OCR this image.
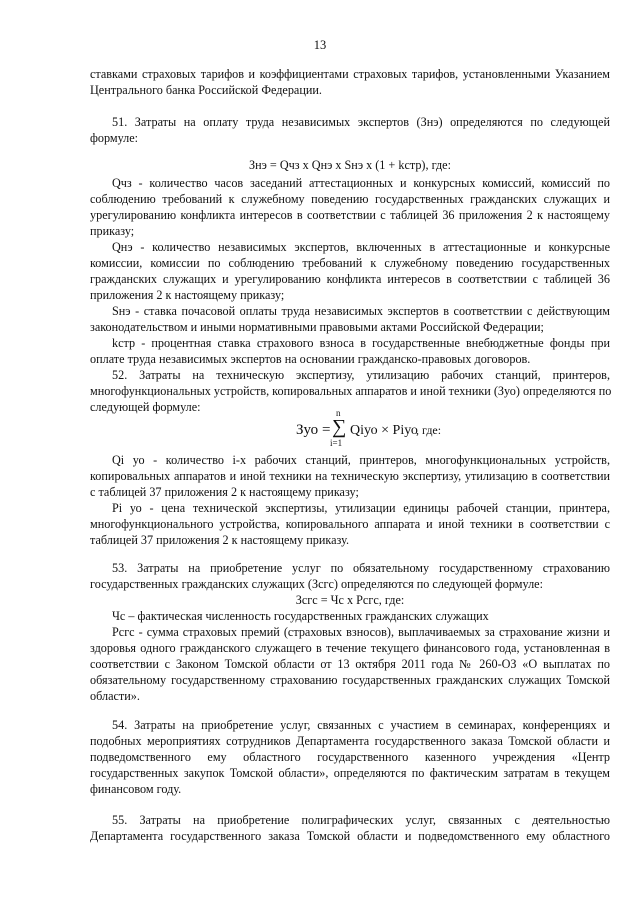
13
ставками страховых тарифов и коэффициентами страховых тарифов, установленными Указанием
Центрального банка Российской Федерации.
51. Затраты на оплату труда независимых экспертов (Знэ) определяются по следующей
формуле:
Знэ = Qчз x Qнэ x Sнэ x (1 + kстр), где:
Qчз - количество часов заседаний аттестационных и конкурсных комиссий, комиссий по
соблюдению требований к служебному поведению государственных гражданских служащих и
урегулированию конфликта интересов в соответствии с таблицей 36 приложения 2 к настоящему
приказу;
Qнэ - количество независимых экспертов, включенных в аттестационные и конкурсные
комиссии, комиссии по соблюдению требований к служебному поведению государственных
гражданских служащих и урегулированию конфликта интересов в соответствии с таблицей 36
приложения 2 к настоящему приказу;
Sнэ - ставка почасовой оплаты труда независимых экспертов в соответствии с действующим
законодательством и иными нормативными правовыми актами Российской Федерации;
kстр - процентная ставка страхового взноса в государственные внебюджетные фонды при
оплате труда независимых экспертов на основании гражданско-правовых договоров.
52. Затраты на техническую экспертизу, утилизацию рабочих станций, принтеров,
многофункциональных устройств, копировальных аппаратов и иной техники (Зуо) определяются по
следующей формуле:
Зуо =
n
∑
i=1
Qiуо × Piуо
, где:
Qi уо - количество i-х рабочих станций, принтеров, многофункциональных устройств,
копировальных аппаратов и иной техники на техническую экспертизу, утилизацию в соответствии
с таблицей 37 приложения 2 к настоящему приказу;
Pi уо - цена технической экспертизы, утилизации единицы рабочей станции, принтера,
многофункционального устройства, копировального аппарата и иной техники в соответствии с
таблицей 37 приложения 2 к настоящему приказу.
53. Затраты на приобретение услуг по обязательному государственному страхованию
государственных гражданских служащих (Зсгс) определяются по следующей формуле:
Зсгс = Чс x Рсгс, где:
Чс – фактическая численность государственных гражданских служащих
Рсгс - сумма страховых премий (страховых взносов), выплачиваемых за страхование жизни и
здоровья одного гражданского служащего в течение текущего финансового года, установленная в
соответствии с Законом Томской области от 13 октября 2011 года № 260-ОЗ «О выплатах по
обязательному государственному страхованию государственных гражданских служащих Томской
области».
54. Затраты на приобретение услуг, связанных с участием в семинарах, конференциях и
подобных мероприятиях сотрудников Департамента государственного заказа Томской области и
подведомственного ему областного государственного казенного учреждения «Центр
государственных закупок Томской области», определяются по фактическим затратам в текущем
финансовом году.
55. Затраты на приобретение полиграфических услуг, связанных с деятельностью
Департамента государственного заказа Томской области и подведомственного ему областного
